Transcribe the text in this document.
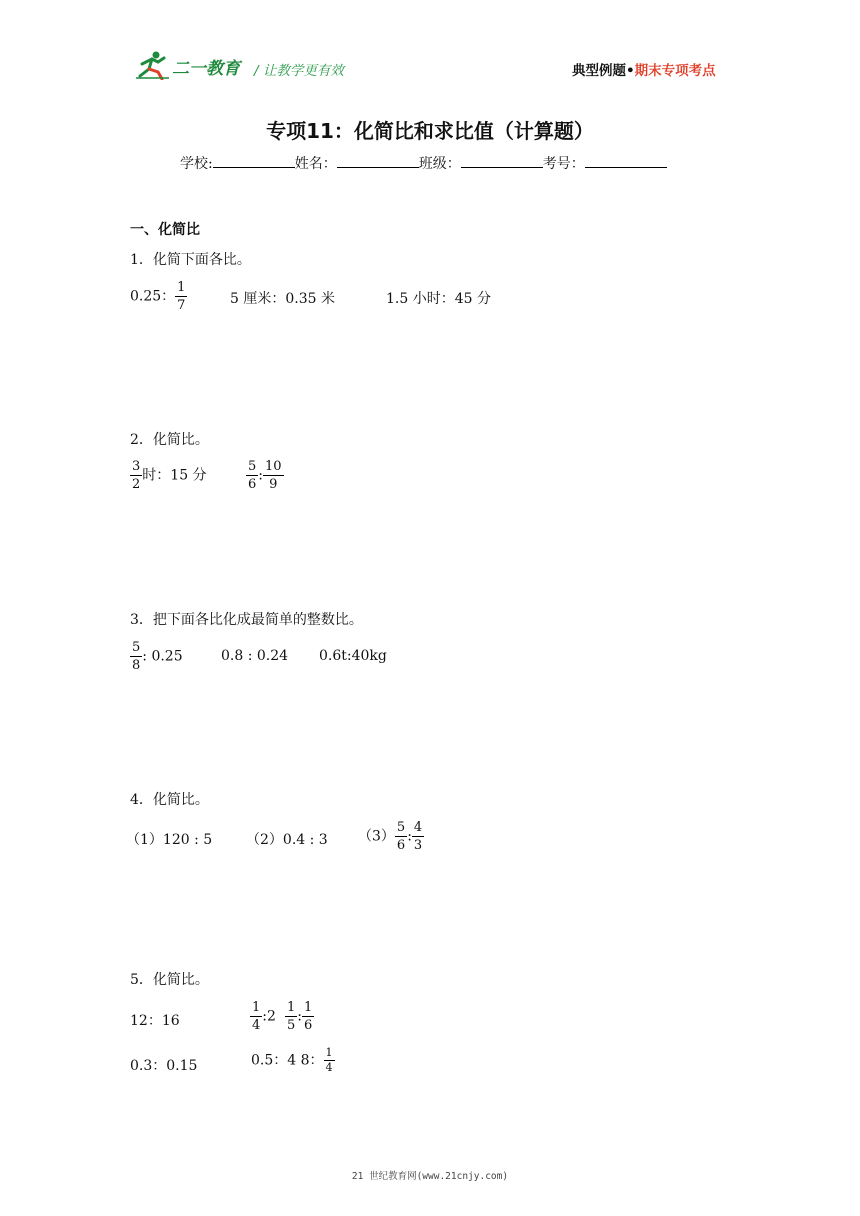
二一教育 / 让教学更有效	典型例题•期末专项考点
专项11：化简比和求比值（计算题）
学校:	姓名：	班级：	考号：
一、化简比
1．化简下面各比。
0.25： $\frac{1}{7}$	5 厘米：0.35 米	1.5 小时：45 分
2．化简比。
$\frac{3}{2}$ 时：15 分	$\frac{5}{6}$ : $\frac{10}{9}$
3．把下面各比化成最简单的整数比。
$\frac{5}{8}$ : 0.25	0.8 : 0.24 0.6t:40kg
4．化简比。
（1）120 : 5 （2）0.4 : 3 $(3) \frac{5}{6}$ : $\frac{4}{3}$
5．化简比。
12：16	$\frac{1}{4}$ :2 $\frac{1}{5}$ : $\frac{1}{6}$
0.3：0.15	0.5：4 8： $\frac{1}{4}$
21 世纪教育网(www.21cnjy.com)
